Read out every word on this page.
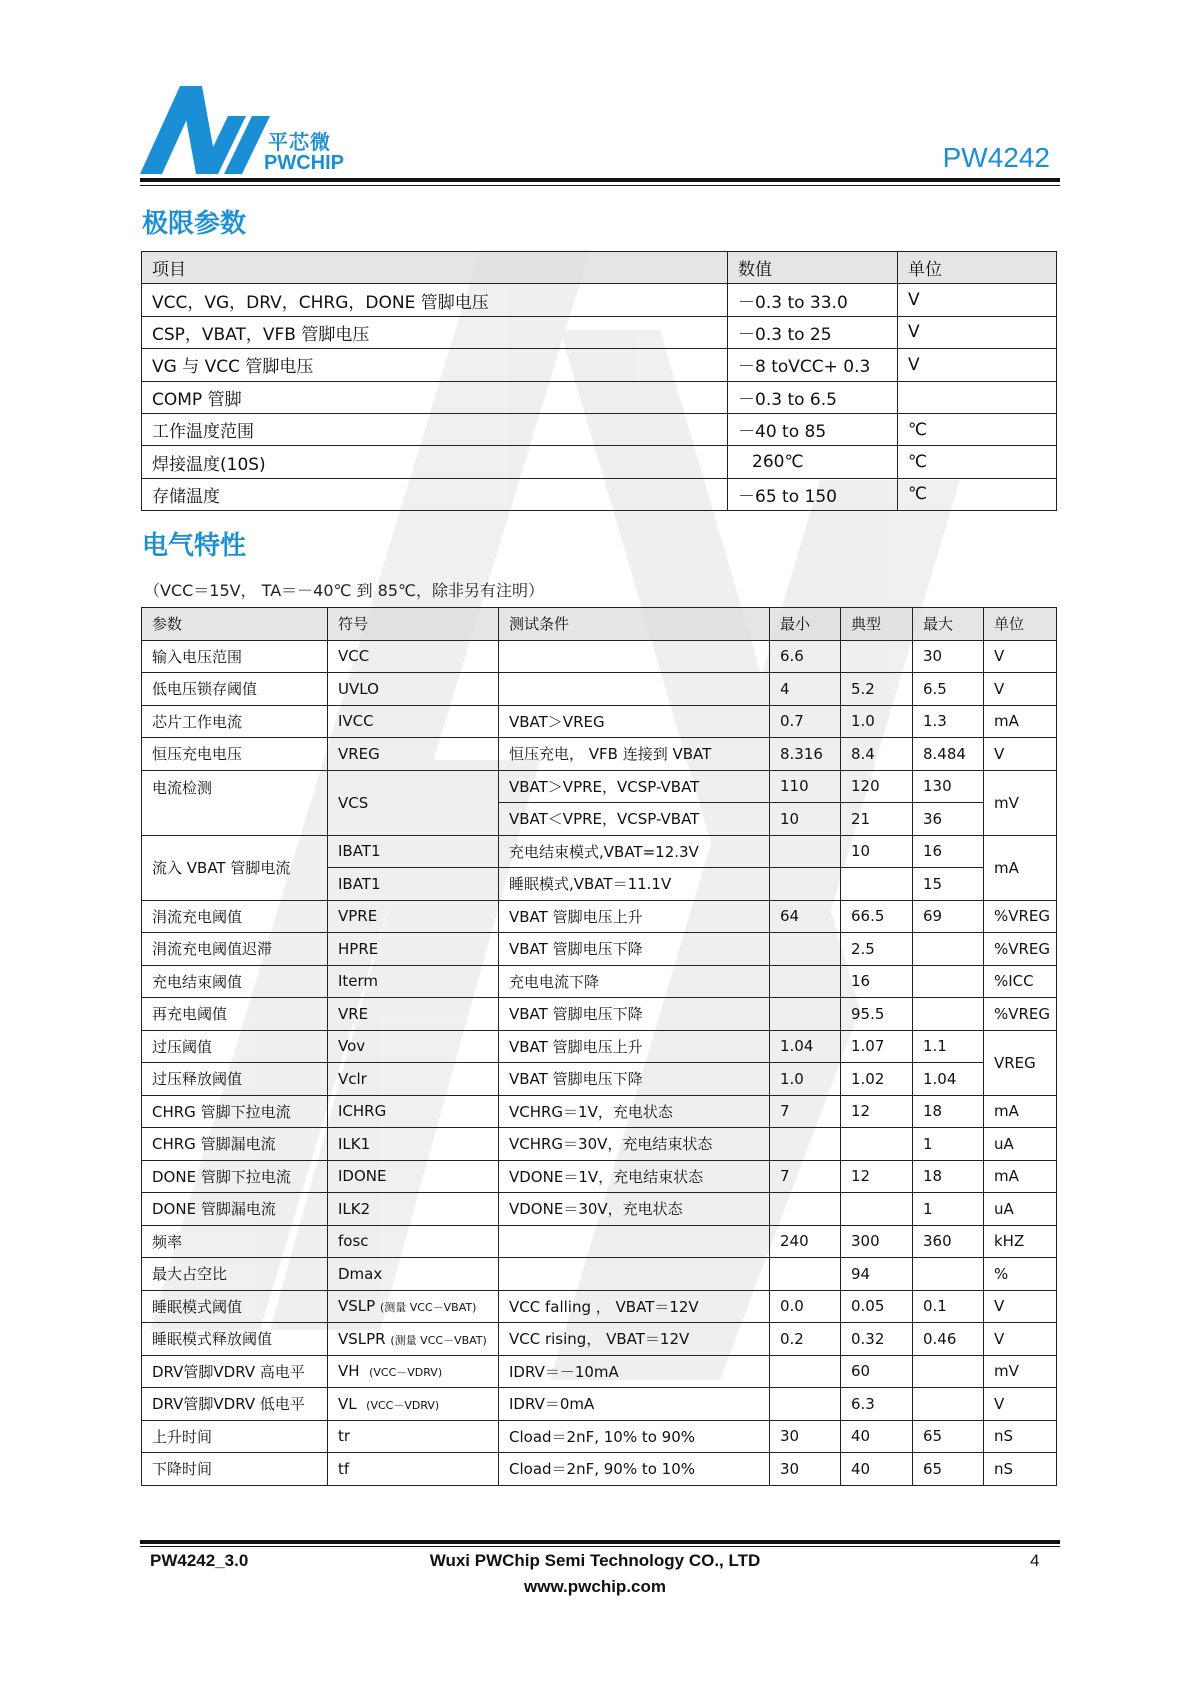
平芯微
PWCHIP	PW4242
极限参数
项目	数值	单位
VCC，VG，DRV，CHRG，DONE 管脚电压	－0.3 to 33.0	V
CSP，VBAT，VFB 管脚电压	－0.3 to 25	V
VG 与 VCC 管脚电压	－8 toVCC+ 0.3	V
COMP 管脚	－0.3 to 6.5	
工作温度范围	－40 to 85	℃
焊接温度(10S)	260℃	℃
存储温度	－65 to 150	℃
电气特性
（VCC＝15V， TA＝－40℃ 到 85℃，除非另有注明）
参数	符号	测试条件	最小	典型	最大	单位
输入电压范围	VCC		6.6		30	V
低电压锁存阈值	UVLO		4	5.2	6.5	V
芯片工作电流	IVCC	VBAT＞VREG	0.7	1.0	1.3	mA
恒压充电电压	VREG	恒压充电， VFB 连接到 VBAT	8.316	8.4	8.484	V
电流检测	VCS	VBAT＞VPRE，VCSP-VBAT	110	120	130	mV
		VBAT＜VPRE，VCSP-VBAT	10	21	36	
流入 VBAT 管脚电流	IBAT1	充电结束模式,VBAT=12.3V		10	16	mA
	IBAT1	睡眠模式,VBAT＝11.1V			15	
涓流充电阈值	VPRE	VBAT 管脚电压上升	64	66.5	69	%VREG
涓流充电阈值迟滞	HPRE	VBAT 管脚电压下降		2.5		%VREG
充电结束阈值	Iterm	充电电流下降		16		%ICC
再充电阈值	VRE	VBAT 管脚电压下降		95.5		%VREG
过压阈值	Vov	VBAT 管脚电压上升	1.04	1.07	1.1	VREG
过压释放阈值	Vclr	VBAT 管脚电压下降	1.0	1.02	1.04	
CHRG 管脚下拉电流	ICHRG	VCHRG＝1V，充电状态	7	12	18	mA
CHRG 管脚漏电流	ILK1	VCHRG＝30V，充电结束状态			1	uA
DONE 管脚下拉电流	IDONE	VDONE＝1V，充电结束状态	7	12	18	mA
DONE 管脚漏电流	ILK2	VDONE＝30V，充电状态			1	uA
频率	fosc		240	300	360	kHZ
最大占空比	Dmax			94		%
睡眠模式阈值	VSLP (测量 VCC－VBAT)	VCC falling ， VBAT＝12V	0.0	0.05	0.1	V
睡眠模式释放阈值	VSLPR (测量 VCC－VBAT)	VCC rising， VBAT＝12V	0.2	0.32	0.46	V
DRV管脚VDRV 高电平	VH (VCC－VDRV)	IDRV＝－10mA		60		mV
DRV管脚VDRV 低电平	VL (VCC－VDRV)	IDRV＝0mA		6.3		V
上升时间	tr	Cload＝2nF, 10% to 90%	30	40	65	nS
下降时间	tf	Cload＝2nF, 90% to 10%	30	40	65	nS
PW4242_3.0	Wuxi PWChip Semi Technology CO., LTD
www.pwchip.com
4
